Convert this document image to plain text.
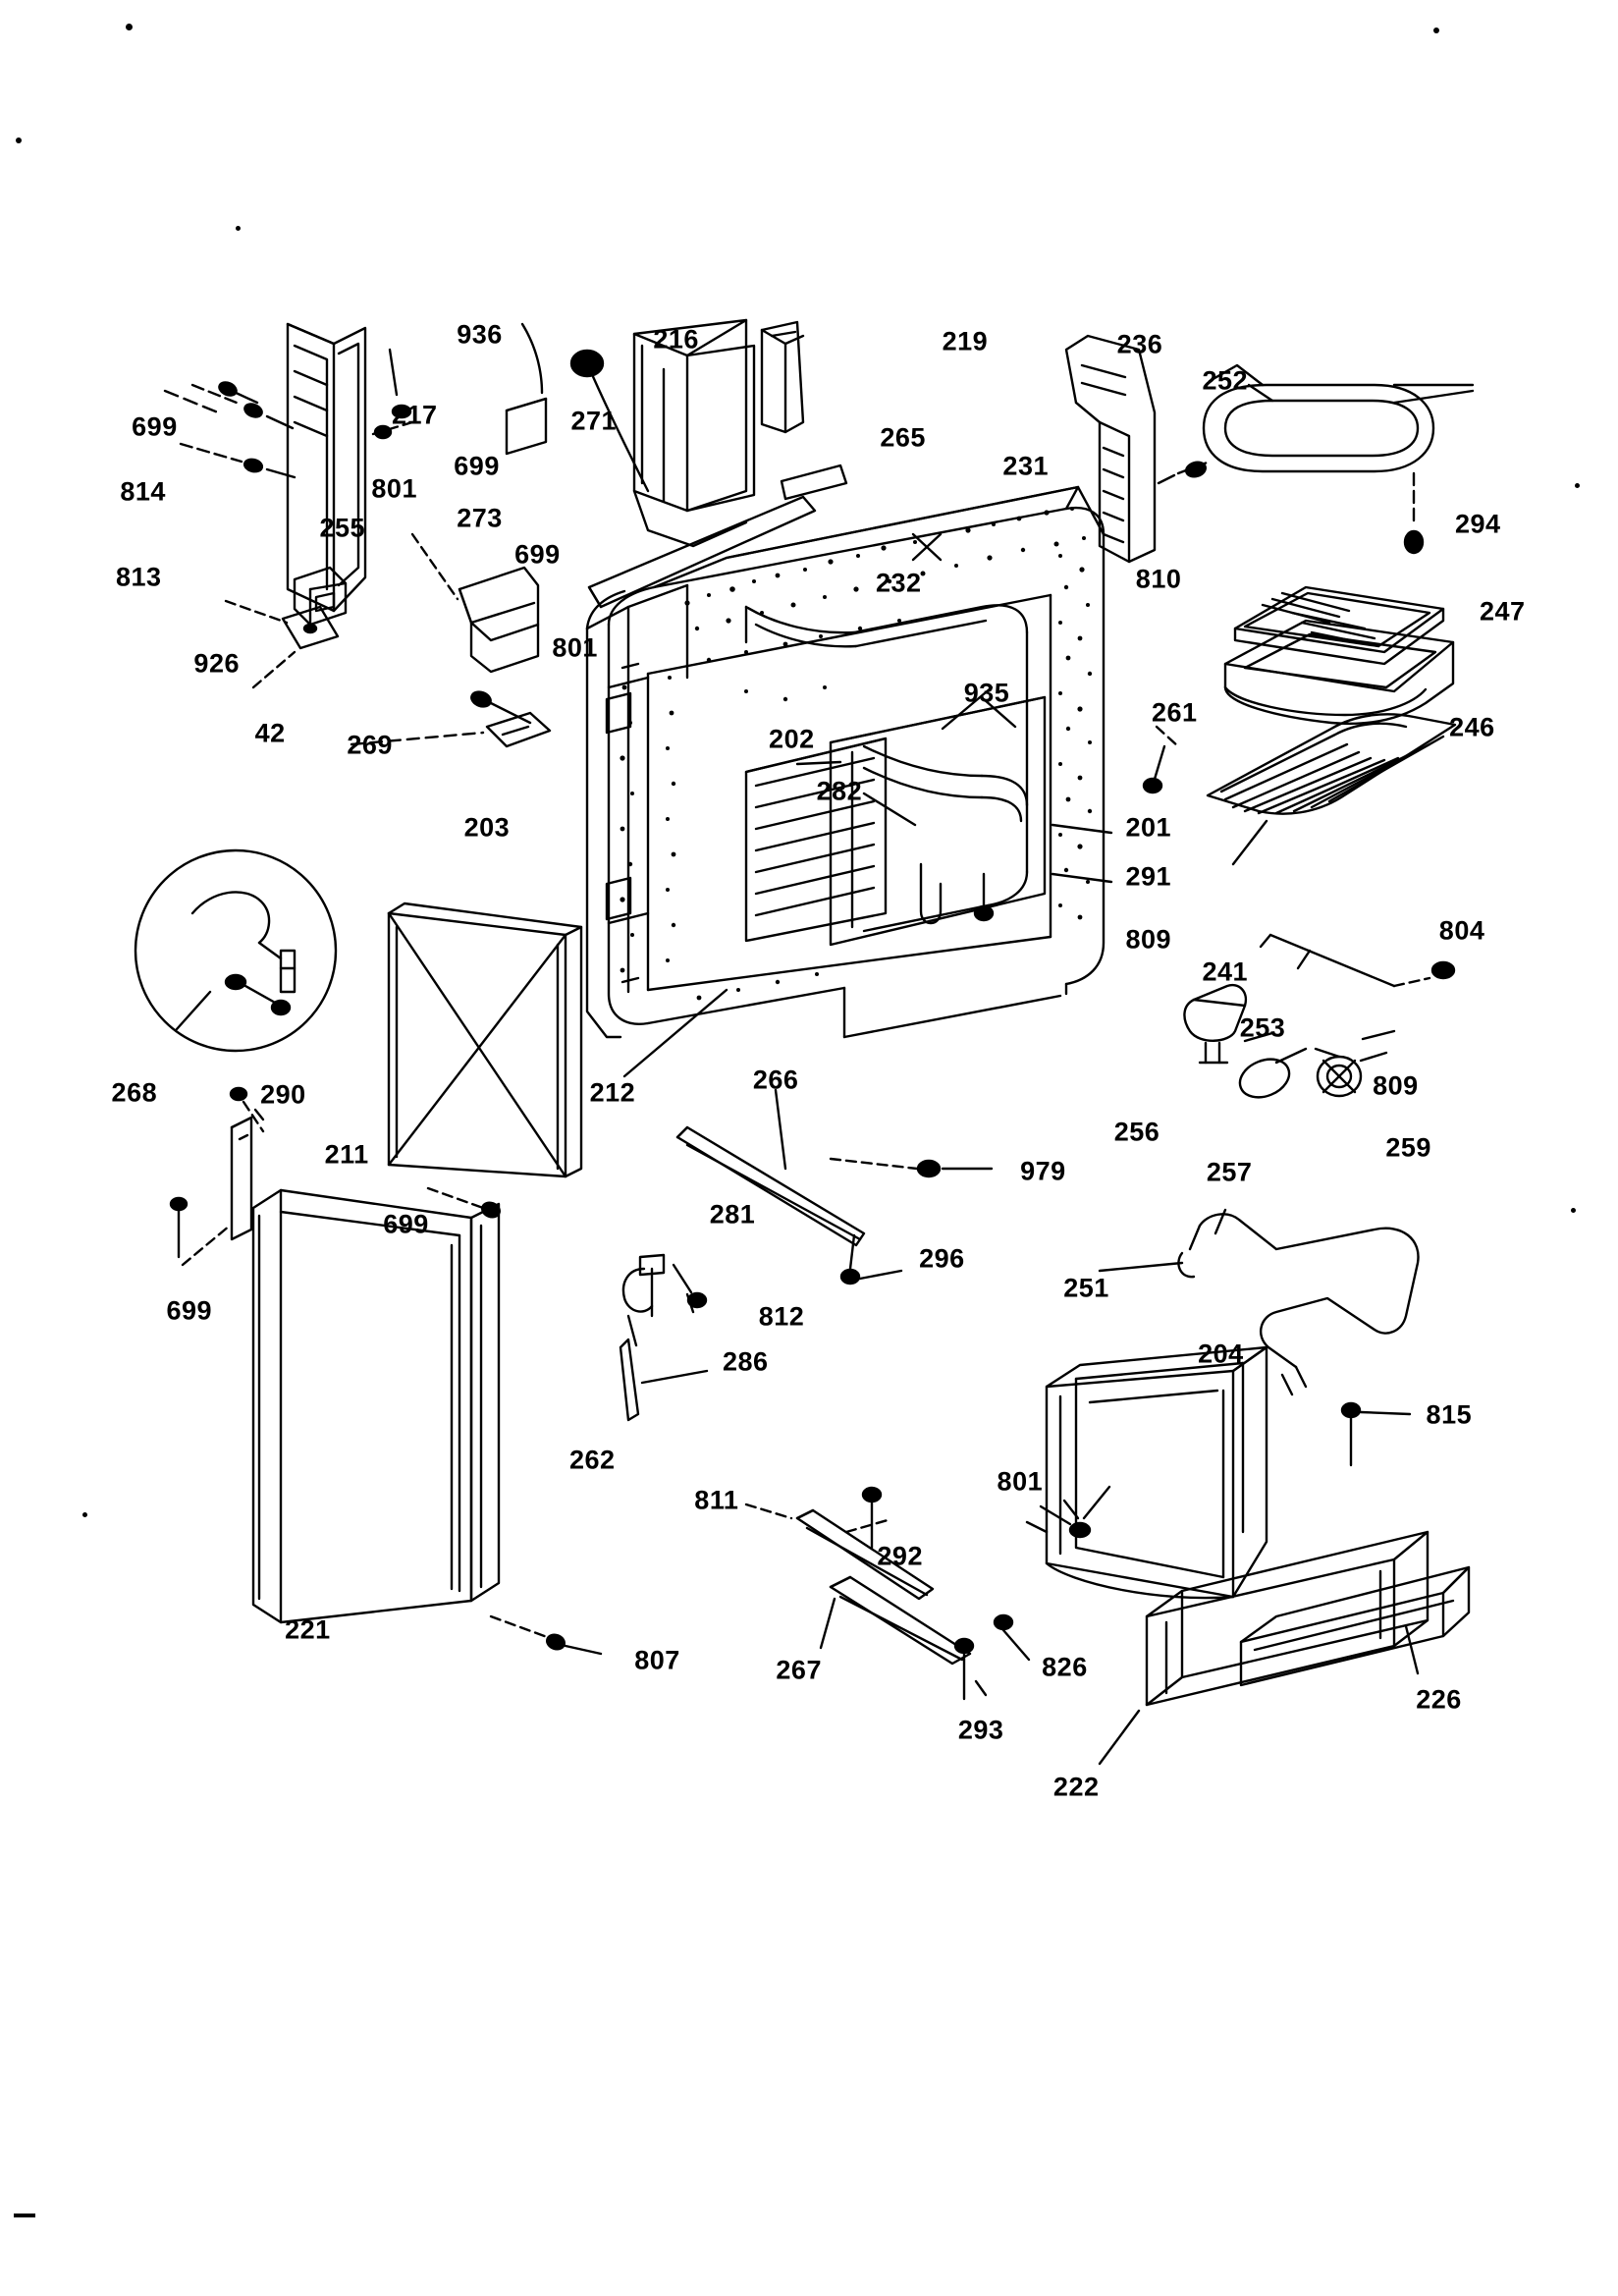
699	217
936
271
216	219
265
231
236
252
294
810
699
814
255
801
273
699
813
926
42
801
232
247
246
935
261
269	202
282
203	201
291
809
241
804
253
268	290	212	266
256
257
809
259
211
699
979
281
296
812
251
699
286	204
815
262
801
811
292
221
807	267	826
226
293
222
